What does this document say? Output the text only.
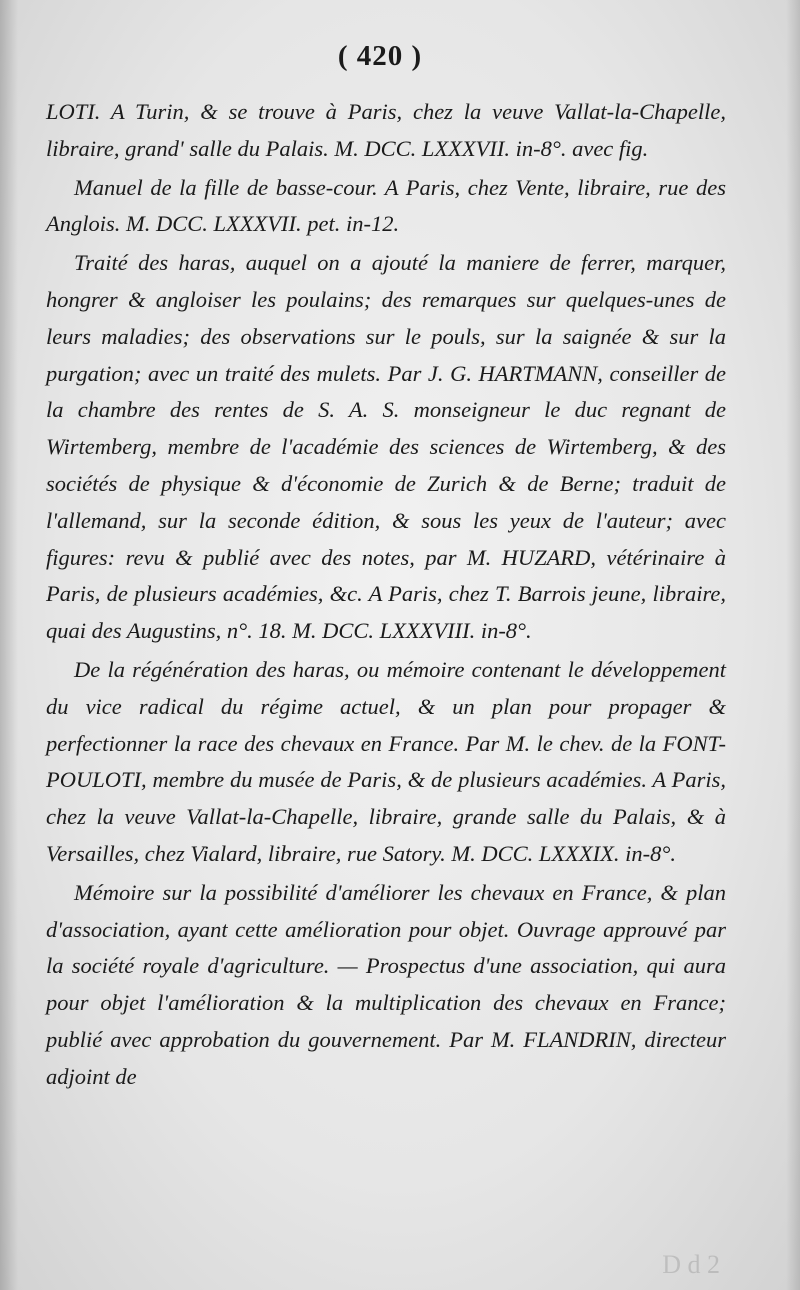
( 420 )

LOTI. A Turin, & se trouve à Paris, chez la veuve Vallat-la-Chapelle, libraire, grand' salle du Palais. M. DCC. LXXXVII. in-8°. avec fig.

Manuel de la fille de basse-cour. A Paris, chez Vente, libraire, rue des Anglois. M. DCC. LXXXVII. pet. in-12.

Traité des haras, auquel on a ajouté la maniere de ferrer, marquer, hongrer & angloiser les poulains; des remarques sur quelques-unes de leurs maladies; des observations sur le pouls, sur la saignée & sur la purgation; avec un traité des mulets. Par J. G. HARTMANN, conseiller de la chambre des rentes de S. A. S. monseigneur le duc regnant de Wirtemberg, membre de l'académie des sciences de Wirtemberg, & des sociétés de physique & d'économie de Zurich & de Berne; traduit de l'allemand, sur la seconde édition, & sous les yeux de l'auteur; avec figures: revu & publié avec des notes, par M. HUZARD, vétérinaire à Paris, de plusieurs académies, &c. A Paris, chez T. Barrois jeune, libraire, quai des Augustins, n°. 18. M. DCC. LXXXVIII. in-8°.

De la régénération des haras, ou mémoire contenant le développement du vice radical du régime actuel, & un plan pour propager & perfectionner la race des chevaux en France. Par M. le chev. de la FONT-POULOTI, membre du musée de Paris, & de plusieurs académies. A Paris, chez la veuve Vallat-la-Chapelle, libraire, grande salle du Palais, & à Versailles, chez Vialard, libraire, rue Satory. M. DCC. LXXXIX. in-8°.

Mémoire sur la possibilité d'améliorer les chevaux en France, & plan d'association, ayant cette amélioration pour objet. Ouvrage approuvé par la société royale d'agriculture. — Prospectus d'une association, qui aura pour objet l'amélioration & la multiplication des chevaux en France; publié avec approbation du gouvernement. Par M. FLANDRIN, directeur adjoint de

D d 2
